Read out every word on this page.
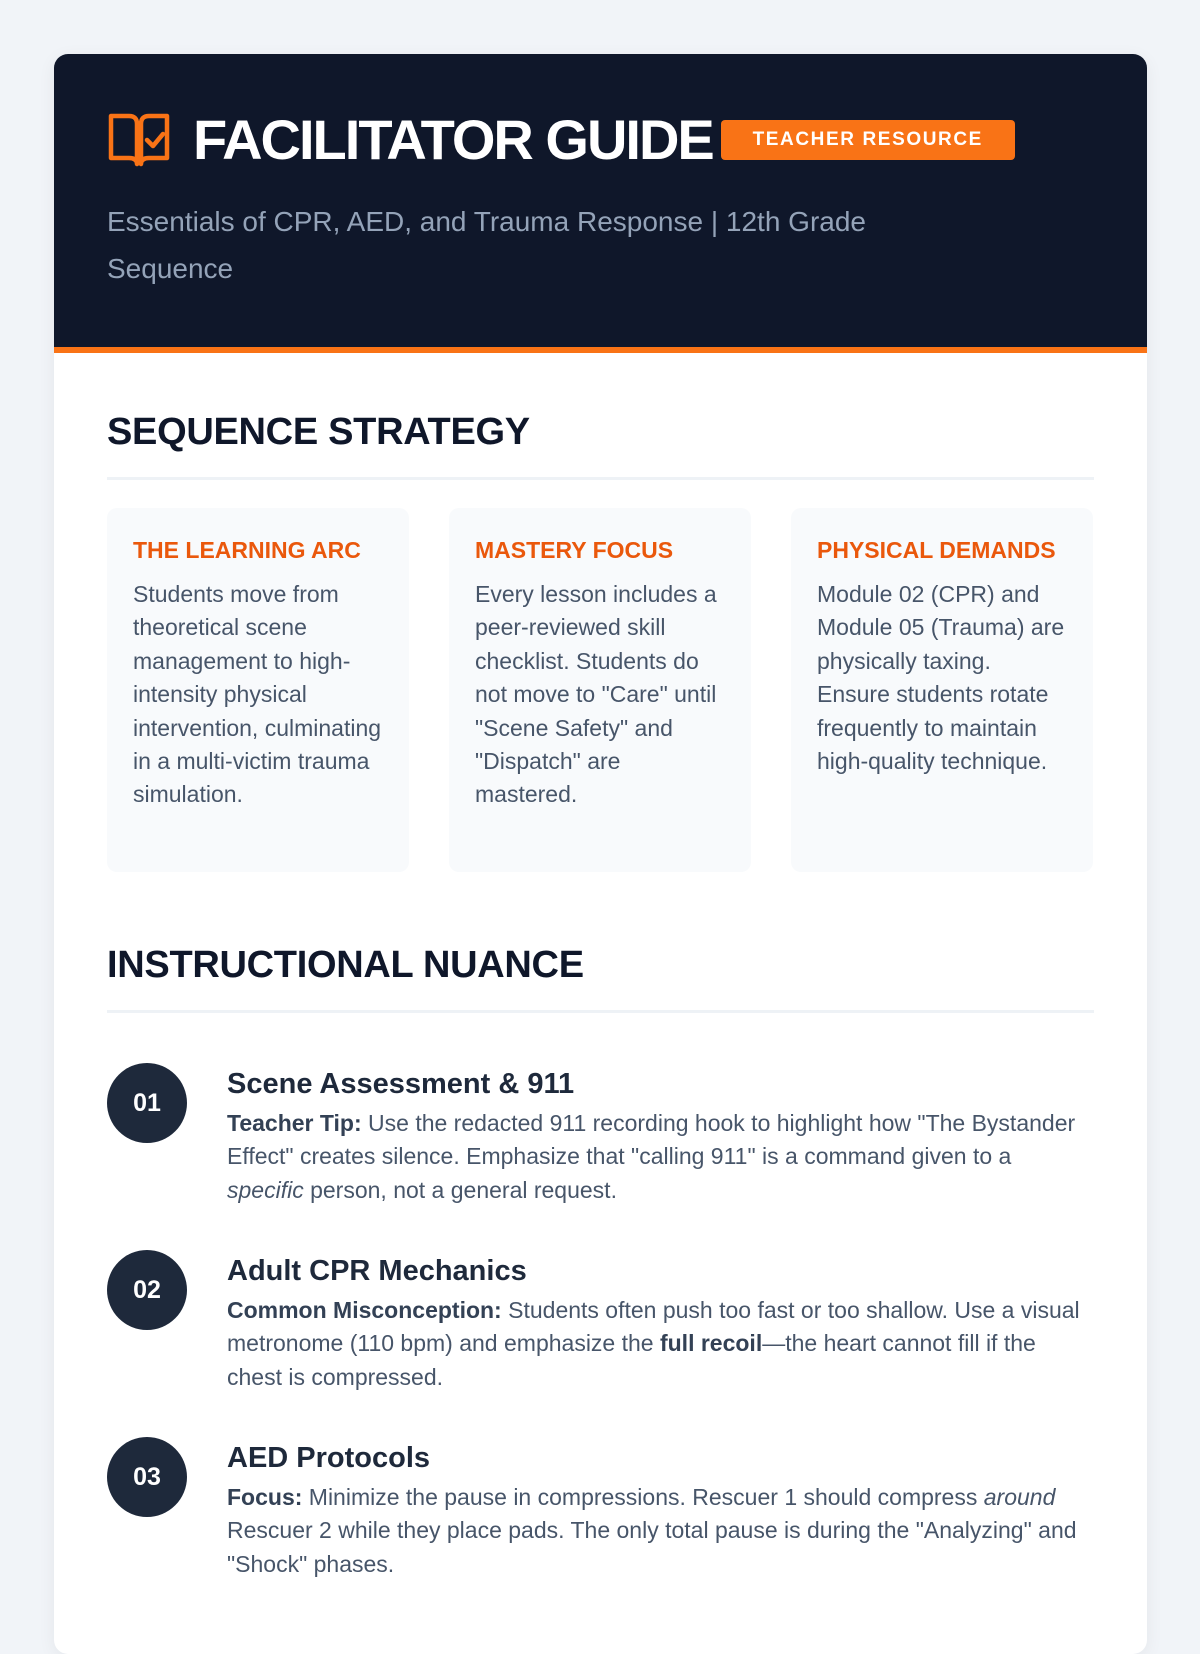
FACILITATOR GUIDE	TEACHER RESOURCE
Essentials of CPR, AED, and Trauma Response | 12th Grade Sequence
SEQUENCE STRATEGY
THE LEARNING ARC

Students move from theoretical scene management to high-intensity physical intervention, culminating in a multi-victim trauma simulation.

MASTERY FOCUS

Every lesson includes a peer-reviewed skill checklist. Students do not move to "Care" until "Scene Safety" and "Dispatch" are mastered.

PHYSICAL DEMANDS

Module 02 (CPR) and Module 05 (Trauma) are physically taxing. Ensure students rotate frequently to maintain high-quality technique.

INSTRUCTIONAL NUANCE
01
Scene Assessment & 911
Teacher Tip: Use the redacted 911 recording hook to highlight how "The Bystander Effect" creates silence. Emphasize that "calling 911" is a command given to a specific person, not a general request.
02
Adult CPR Mechanics
Common Misconception: Students often push too fast or too shallow. Use a visual metronome (110 bpm) and emphasize the full recoil—the heart cannot fill if the chest is compressed.
03
AED Protocols
Focus: Minimize the pause in compressions. Rescuer 1 should compress around Rescuer 2 while they place pads. The only total pause is during the "Analyzing" and "Shock" phases.
